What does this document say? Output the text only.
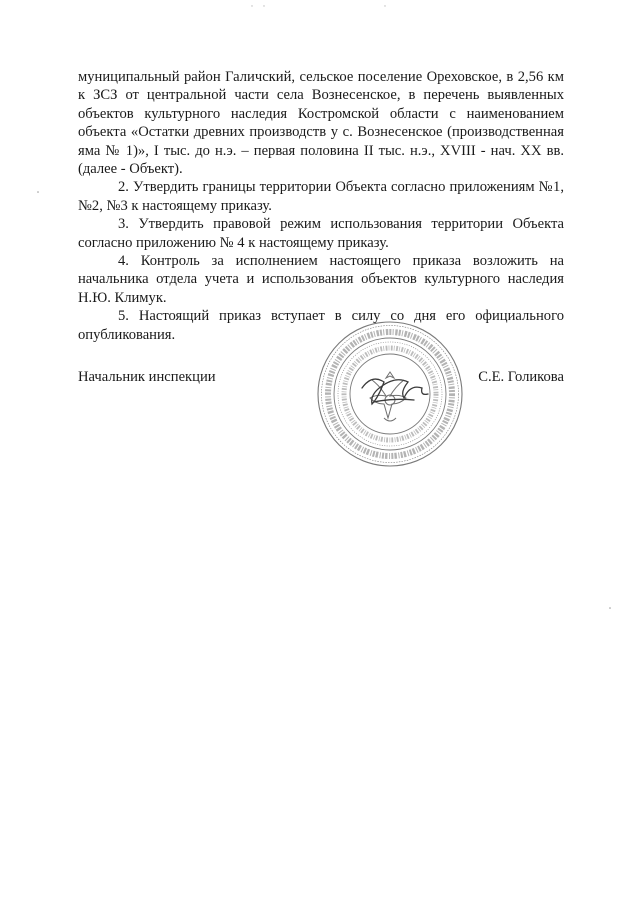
муниципальный район Галичский, сельское поселение Ореховское, в 2,56 км к ЗСЗ от центральной части села Вознесенское, в перечень выявленных объектов культурного наследия Костромской области с наименованием объекта «Остатки древних производств у с. Вознесенское (производственная яма № 1)», I тыс. до н.э. – первая половина II тыс. н.э., XVIII - нач. XX вв. (далее - Объект).

2. Утвердить границы территории Объекта согласно приложениям №1, №2, №3 к настоящему приказу.

3. Утвердить правовой режим использования территории Объекта согласно приложению № 4 к настоящему приказу.

4. Контроль за исполнением настоящего приказа возложить на начальника отдела учета и использования объектов культурного наследия Н.Ю. Климук.

5. Настоящий приказ вступает в силу со дня его официального опубликования.

Начальник инспекции	С.Е. Голикова
